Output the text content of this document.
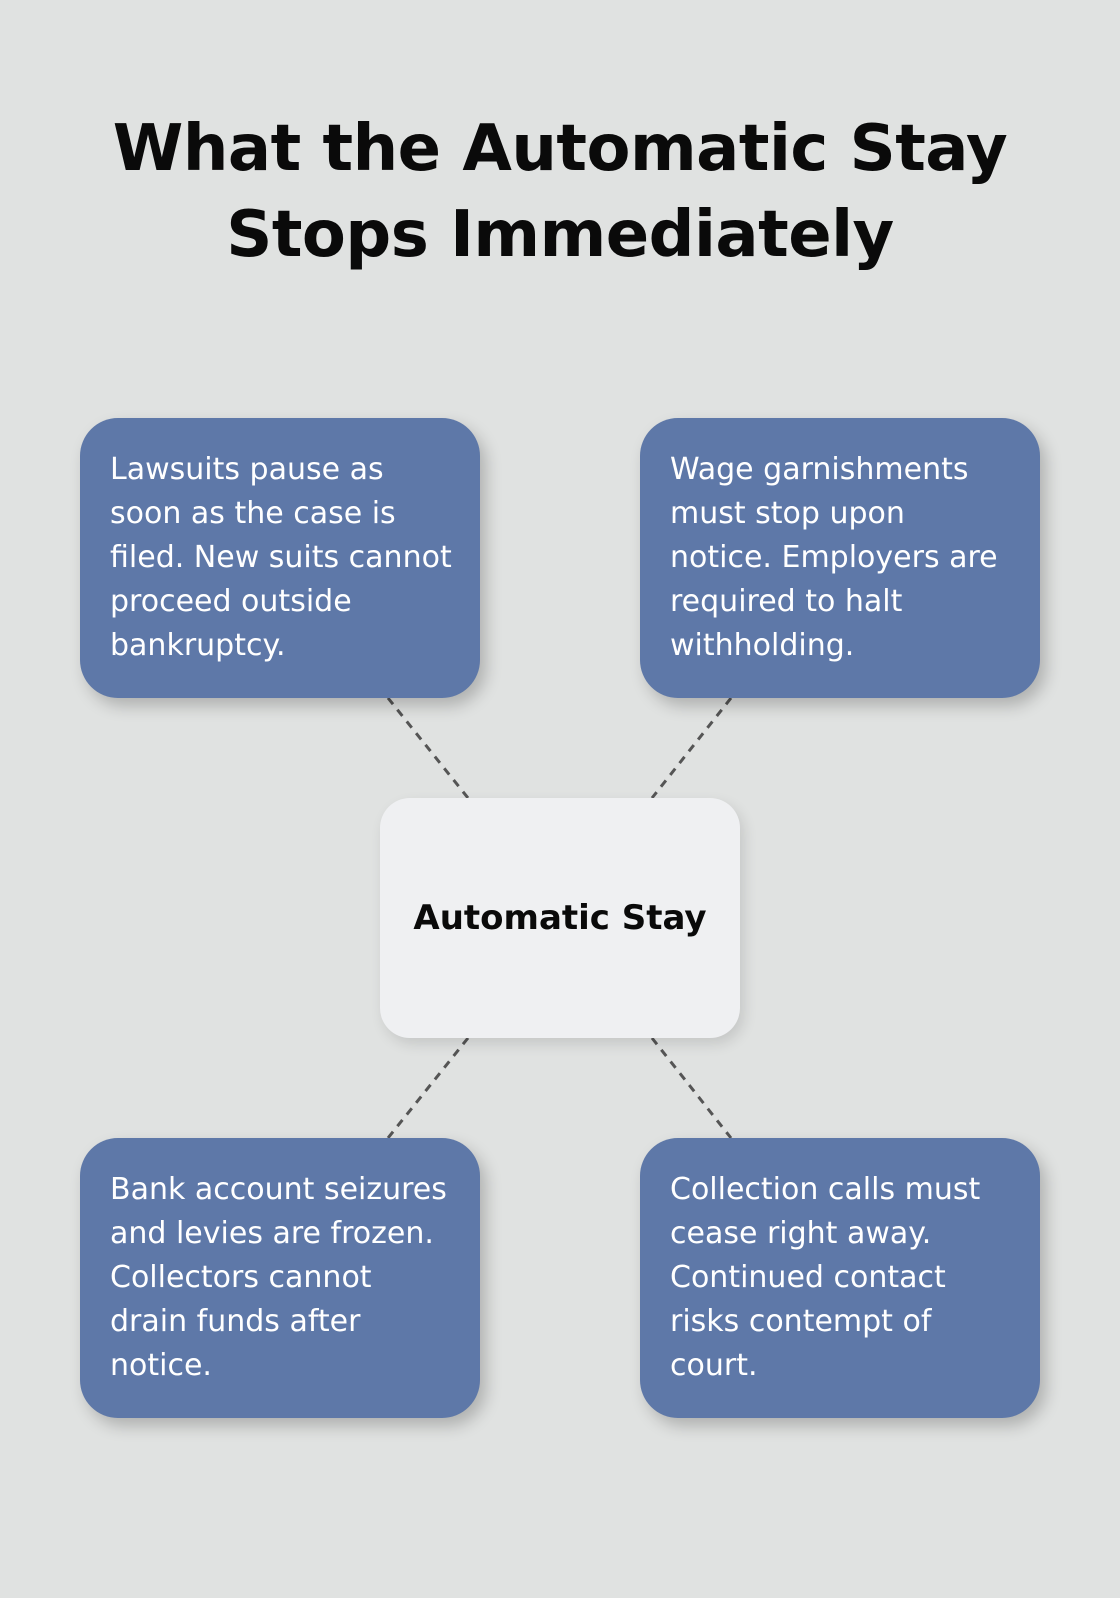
What the Automatic Stay Stops Immediately
Lawsuits pause as soon as the case is filed. New suits cannot proceed outside bankruptcy.
Wage garnishments must stop upon notice. Employers are required to halt withholding.
Automatic Stay
Bank account seizures and levies are frozen. Collectors cannot drain funds after notice.
Collection calls must cease right away. Continued contact risks contempt of court.
